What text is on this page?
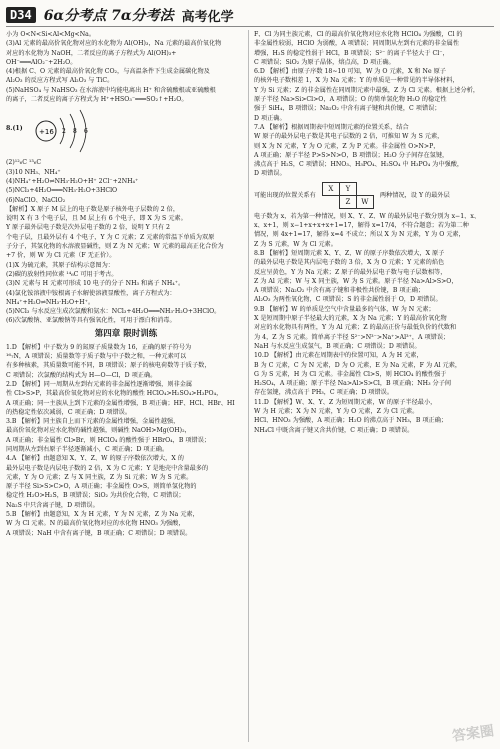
D34 6α分考点 7α分考法 高考化学
小为 O<N<Si<Al<Mg<Na。
(3)Al 元素的最高价氧化物对应的水化物为 Al(OH)₃，Na 元素的最高价氧化物
对应的水化物为 NaOH，二者反应的离子方程式为 Al(OH)₃+
OH⁻═══AlO₂⁻+2H₂O。
(4)根据 C、O 元素的最高价氧化物 CO₂，与高温条件下生成金属碳化物及
Al₂O₃ 的反应方程式写 Al₂O₃ 与 TiC。
(5)NaHSO₄ 与 NaHSO₃ 在水溶液中均能电离出 H⁺ 和含硫酸根或亚硫酸根
的离子，二者反应的离子方程式为 H⁺+HSO₃⁻═══SO₂↑+H₂O。
8.(1) +16 2 8 6
(2)¹²₆C ¹³₆C
(3)10 NH₃、NH₄⁺
(4)NH₄⁺+H₂O⇌NH₃·H₂O+H⁺ 2Cl⁻+2NH₄⁺
(5)NCl₃+4H₂O═══NH₃·H₂O+3HClO
(6)NaClO、NaClO₂
【解析】X 原子 M 层上的电子数是原子核外电子层数的 2 倍，
说明 X 有 3 个电子层，且 M 层上有 6 个电子，即 X 为 S 元素。
Y 原子最外层电子数是次外层电子数的 2 倍，说明 Y 只有 2
个电子层，且最外层有 4 个电子，Y 为 C 元素；Z 元素的常温下单质为双原
子分子，其氢化物的水溶液显碱性，则 Z 为 N 元素；W 元素的最高正化合价为
+7 价，则 W 为 Cl 元素（F 无正价）。
(1)X 为硫元素，其原子结构示意图为：
(2)碳的放射性同位素 ¹⁴₆C 可用于考古。
(3)N 元素与 H 元素可形成 10 电子的分子 NH₃ 和离子 NH₄⁺。
(4)氯化铵溶液中铵根离子水解使溶液显酸性，离子方程式为：
NH₄⁺+H₂O⇌NH₃·H₂O+H⁺。
(5)NCl₃ 与水反应生成次氯酸和氨水：NCl₃+4H₂O═══NH₃·H₂O+3HClO。
(6)次氯酸钠、亚氯酸钠等具有强氧化性，可用于漂白和消毒。
第四章 限时训练
1.D 【解析】中子数为 9 的氮原子质量数为 16，正确的原子符号为
¹⁶₇N，A 项错误；质量数等于质子数与中子数之和，一种元素可以
有多种核素，其质量数可能不同，B 项错误；原子的核电荷数等于质子数，
C 项错误；次氯酸的结构式为 H—O—Cl，D 项正确。
2.D 【解析】同一周期从左到右元素的非金属性逐渐增强，则非金属
性 Cl>S>P，其最高价氧化物对应的水化物的酸性 HClO₄>H₂SO₄>H₃PO₄，
A 项正确；同一主族从上到下元素的金属性增强，B 项正确；HF、HCl、HBr、HI
的热稳定性依次减弱，C 项正确；D 项错误。
3.B 【解析】同主族自上而下元素的金属性增强，金属性越强，
最高价氧化物对应水化物的碱性越强，则碱性 NaOH>Mg(OH)₂，
A 项正确；非金属性 Cl>Br，则 HClO₄ 的酸性强于 HBrO₄，B 项错误；
同周期从左到右原子半径逐渐减小，C 项正确；D 项正确。
4.A 【解析】由题意知 X、Y、Z、W 的原子序数依次增大，X 的
最外层电子数是内层电子数的 2 倍，X 为 C 元素；Y 是地壳中含量最多的
元素，Y 为 O 元素；Z 与 X 同主族，Z 为 Si 元素；W 为 S 元素。
原子半径 Si>S>C>O，A 项正确；非金属性 O>S，则简单氢化物的
稳定性 H₂O>H₂S，B 项错误；SiO₂ 为共价化合物，C 项错误；
Na₂S 中只含离子键，D 项错误。
5.B 【解析】由题意知，X 为 H 元素，Y 为 N 元素，Z 为 Na 元素，
W 为 Cl 元素。N 的最高价氧化物对应的水化物 HNO₃ 为强酸，
A 项错误；NaH 中含有离子键，B 项正确；C 项错误；D 项错误。
F、Cl 为同主族元素，Cl 的最高价氧化物对应水化物 HClO₄ 为强酸，Cl 的
非金属性较弱，HClO 为弱酸，A 项错误；同周期从左到右元素的非金属性
增强，H₂S 的稳定性弱于 HCl，B 项错误；S²⁻ 的离子半径大于 Cl⁻，
C 项错误；SiO₂ 为原子晶体，熔点高，D 项正确。
6.D 【解析】由原子序数 18~10 可知，W 为 O 元素，X 和 Ne 原子
的核外电子数相差 1，X 为 Na 元素；Y 的单质是一种常见的半导体材料，
Y 为 Si 元素；Z 的非金属性在同周期元素中最强，Z 为 Cl 元素。根据上述分析，
原子半径 Na>Si>Cl>O，A 项错误；O 的简单氢化物 H₂O 的稳定性
强于 SiH₄，B 项错误；Na₂O₂ 中含有离子键和共价键，C 项错误；
D 项正确。
7.A 【解析】根据周期表中短周期元素的位置关系，结合
W 原子的最外层电子数是其电子层数的 2 倍，可推知 W 为 S 元素，
则 X 为 N 元素，Y 为 O 元素，Z 为 P 元素。非金属性 O>N>P，
A 项正确；原子半径 P>S>N>O，B 项错误；H₂O 分子间存在氢键，
沸点高于 H₂S，C 项错误；HNO₃、H₃PO₄、H₂SO₄ 中 H₃PO₄ 为中强酸，
D 项错误。
可能出现的位置关系有
X	Y	
	Z	W
两种情况，设 Y 的最外层
电子数为 x，若为第一种情况，则 X、Y、Z、W 的最外层电子数分别为 x−1、x、
x、x+1，则 x−1+x+x+x+1=17，解得 x=17/4，不符合题意；若为第二种
情况，则 4x+1=17，解得 x=4 不成立；所以 X 为 N 元素，Y 为 O 元素，
Z 为 S 元素，W 为 Cl 元素。
8.B 【解析】短周期元素 X、Y、Z、W 的原子序数依次增大，X 原子
的最外层电子数是其内层电子数的 3 倍，X 为 O 元素；Y 元素的焰色
反应呈黄色，Y 为 Na 元素；Z 原子的最外层电子数与电子层数相等，
Z 为 Al 元素；W 与 X 同主族，W 为 S 元素。原子半径 Na>Al>S>O，
A 项错误；Na₂O₂ 中含有离子键和非极性共价键，B 项正确；
Al₂O₃ 为两性氧化物，C 项错误；S 的非金属性弱于 O，D 项错误。
9.B 【解析】W 的单质是空气中含量最多的气体，W 为 N 元素；
X 是短周期中原子半径最大的元素，X 为 Na 元素；Y 的最高价氧化物
对应的水化物具有两性，Y 为 Al 元素；Z 的最高正价与最低负价的代数和
为 4，Z 为 S 元素。简单离子半径 S²⁻>N³⁻>Na⁺>Al³⁺，A 项错误；
NaH 与水反应生成氢气，B 项正确；C 项错误；D 项错误。
10.D 【解析】由元素在周期表中的位置可知，A 为 H 元素，
B 为 C 元素，C 为 N 元素，D 为 O 元素，E 为 Na 元素，F 为 Al 元素，
G 为 S 元素，H 为 Cl 元素。非金属性 Cl>S，则 HClO₄ 的酸性强于
H₂SO₄，A 项正确；原子半径 Na>Al>S>Cl，B 项正确；NH₃ 分子间
存在氢键，沸点高于 PH₃，C 项正确；D 项错误。
11.D 【解析】W、X、Y、Z 为短周期元素，W 的原子半径最小，
W 为 H 元素；X 为 N 元素，Y 为 O 元素，Z 为 Cl 元素。
HCl、HNO₃ 为强酸，A 项正确；H₂O 的沸点高于 NH₃，B 项正确；
NH₄Cl 中既含离子键又含共价键，C 项正确；D 项错误。
答案圈
